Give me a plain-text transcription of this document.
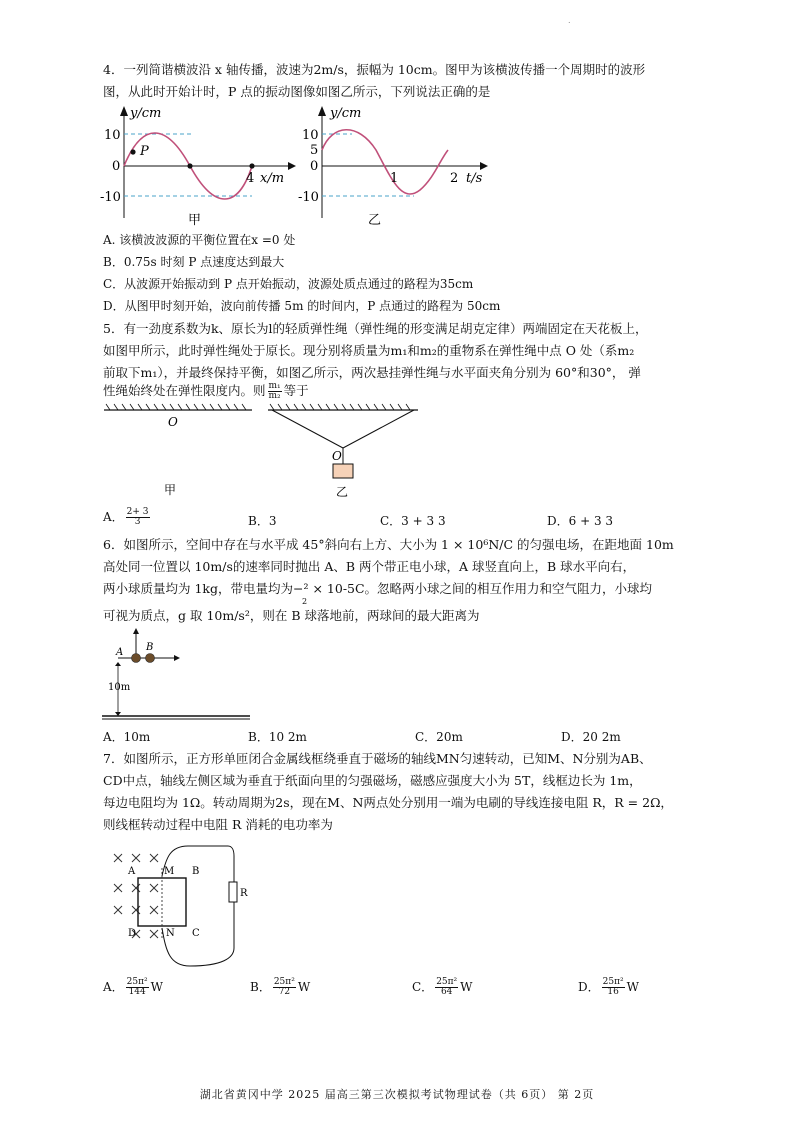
.
4．一列简谐横波沿 x 轴传播，波速为2m/s，振幅为 10cm。图甲为该横波传播一个周期时的波形
图，从此时开始计时，P 点的振动图像如图乙所示，下列说法正确的是
y/cm
10
0
-10
P
4 x/m
甲
y/cm
10
5
0
-10
1	2 t/s
乙
A. 该横波波源的平衡位置在x =0 处
B．0.75s 时刻 P 点速度达到最大
C．从波源开始振动到 P 点开始振动，波源处质点通过的路程为35cm
D．从图甲时刻开始，波向前传播 5m 的时间内，P 点通过的路程为 50cm
5．有一劲度系数为k、原长为l的轻质弹性绳（弹性绳的形变满足胡克定律）两端固定在天花板上，
如图甲所示，此时弹性绳处于原长。现分别将质量为m₁和m₂的重物系在弹性绳中点 O 处（系m₂
前取下m₁），并最终保持平衡，如图乙所示，两次悬挂弹性绳与水平面夹角分别为 60°和30°， 弹
性绳始终处在弹性限度内。则 $\frac{\text{m₁}}{\text{m₂}}$ 等于
O
甲
O
乙
A． $\frac{2+ 3}{3}$	B．3	C．3 + 3 3	D．6 + 3 3
6．如图所示，空间中存在与水平成 45°斜向右上方、大小为 1 × 10⁶N/C 的匀强电场，在距地面 10m
高处同一位置以 10m/s的速率同时抛出 A、B 两个带正电小球，A 球竖直向上，B 球水平向右，
两小球质量均为 1kg，带电量均为−² × 10-5C。忽略两小球之间的相互作用力和空气阻力，小球均
2
可视为质点，g 取 10m/s²，则在 B 球落地前，两球间的最大距离为
A B
10m
A．10m	B．10 2m	C．20m	D．20 2m
7．如图所示，正方形单匝闭合金属线框绕垂直于磁场的轴线MN匀速转动，已知M、N分别为AB、
CD中点，轴线左侧区域为垂直于纸面向里的匀强磁场，磁感应强度大小为 5T，线框边长为 1m，
每边电阻均为 1Ω。转动周期为2s，现在M、N两点处分别用一端为电刷的导线连接电阻 R，R = 2Ω，
则线框转动过程中电阻 R 消耗的电功率为
A	M B
D	N C
R
A． $\frac{\text{25π²}}{144}$ W	B． $\frac{\text{25π²}}{72}$ W	C． $\frac{\text{25π²}}{64}$ W	D． $\frac{\text{25π²}}{16}$ W
湖北省黄冈中学 2025 届高三第三次模拟考试物理试卷（共 6页） 第 2页
